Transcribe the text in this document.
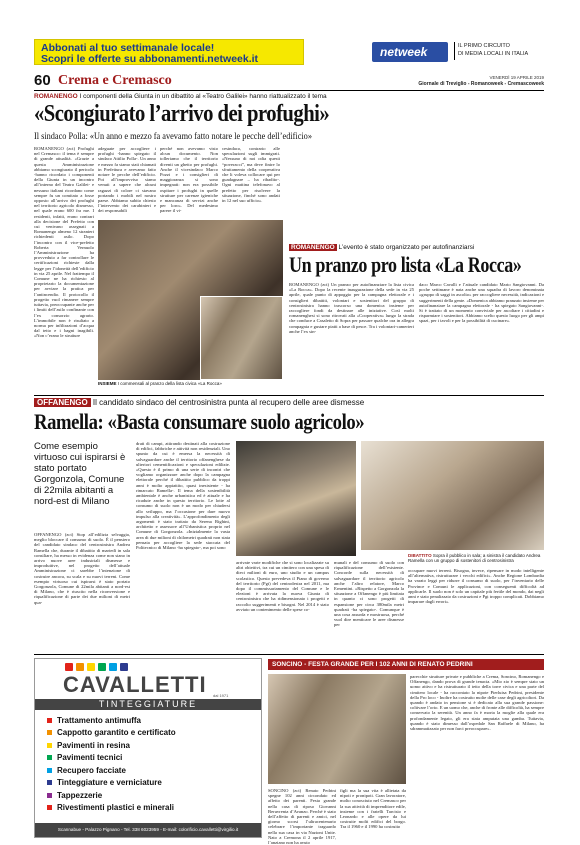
Abbonati al tuo settimanale locale!
Scopri le offerte su abbonamenti.netweek.it	netweek	IL PRIMO CIRCUITO
DI MEDIA LOCALI IN ITALIA
60 Crema e Cremasco	VENERDÌ 19 APRILE 2019
Giornale di Treviglio - Romanoweek - Cremascoweek
ROMANENGO I componenti della Giunta in un dibattito al «Teatro Galilei» hanno riattualizzato il tema
«Scongiurato l’arrivo dei profughi»
Il sindaco Polla: «Un anno e mezzo fa avevamo fatto notare le pecche dell’edificio»
ROMANENGO (zct) Profughi nel Cremasco: il tema è sempre di grande attualità. «Grazie a questa Amministrazione abbiamo scongiurato il pericolo -hanno ricordato i componenti della Giunta in un incontro all’interno del Teatro Galilei- e nessuno italiani ricordano come sempre fu un comitato a fosse opposto all’arrivo dei profughi nel territorio agricolo dismesso, nel quale erano 600 fra me. I residenti, infatti, erano contrari alla decisione del Prefetto con cui venivano assegnati a Romanengo almeno 12 stranieri richiedenti asilo. Dopo l’incontro con il vice-prefetto Roberta Vernuolo l’Amministrazione ha provveduto a far controllare le certificazioni richieste dalla legge per l’idoneità dell’edificio in via 25 aprile. Nel frattempo il Comune ne ha richiesto al proprietario la documentazione per avviare la pratica per l’antincendio. Il protocollo il progetto vuol rimanere sempre tuttavia, preoccupante anche per i limiti dell’asilo confinante con l’ex consorzio agrario. L’immobile non è risultato a norma per infiltrazioni d’acqua dal tetto e i bagni inagibili. «Non c’erano le strutture
adeguate per accogliere i profughi -hanno spiegato il sindaco Attilio Polla-. Un anno e mezzo fa siamo stati chiamati in Prefettura e avevamo fatto notare le pecche dell’edificio. Poi all’improvviso siamo venuti a sapere che alcuni ragazzi di colore ci stavano portando i mobili nel nostro paese. Abbiamo subito chiesto l’intervento dei carabinieri e dei responsabili
perché non avevamo visto alcun documento. Non tolleriamo che il territorio diventi un ghetto per profughi. Anche il vicesindaco Marco Pozzi e i consiglieri di maggioranza si sono impegnati: non era possibile ospitare i profughi in quelle strutture per carenze igieniche e mancanza di servizi anche per loro». Del medesimo parere il vi-
cesindaco, contrario alle speculazioni sugli immigrati. «Nessuno di noi odia questi “poveracci”, ma deve finire lo sfruttamento della cooperativa che li voleva collocare qui per guadagnare – ha ribadito-. Ogni mattina telefonavo al prefetto per risolvere la situazione, finché sono andati in 12 nel suo ufficio».
ROMANENGO L’evento è stato organizzato per autofinanziarsi
Un pranzo pro lista «La Rocca»
ROMANENGO (zct) Un pranzo per autofinanziare la lista civica «La Rocca». Dopo la recente inaugurazione della sede in via 25 aprile, quale punto di appoggio per la campagna elettorale e i consiglieri dibattiti, volontari e sostenitori del gruppo di centrosinistra hanno trascorso una domenica insieme per raccogliere fondi da destinare alle iniziative. Così molti romanenghesi si sono ritrovati alla «Cooperativa» lungo la strada che conduce a Casaletto di Sopra per passare qualche ora in allegra compagnia e gustare piatti a base di pesce. Tra i volontari-camerieri anche l’ex sin-
daco Marco Cavalli e l’attuale candidato Mario Sangiovanni. Da poche settimane è nata anche una squadra di lavoro denominata «gruppo di saggi in ascolto» per raccogliere necessità, indicazioni e suggerimenti della gente. «Domenica abbiamo pranzato insieme per autofinanziare la campagna elettorale - ha spiegato Sangiovanni-. Si è trattato di un momento conviviale per ascoltare i cittadini e risparmiare i sostenitori. Abbiamo scelto questo luogo per gli ampi spazi, per i tavoli e per la possibilità di cucinare».
INSIEME I commensali al pranzo della lista civica «La Rocca»
OFFANENGO Il candidato sindaco del centrosinistra punta al recupero delle aree dismesse
Ramella: «Basta consumare suolo agricolo»
Come esempio virtuoso cui ispirarsi è stato portato Gorgonzola, Comune di 22mila abitanti a nord-est di Milano
OFFANENGO (zct) Stop all’edilizia selvaggia, meglio bloccare il consumo di suolo. È il pensiero del candidato sindaco del centrosinistra Andrea Ramella che, durante il dibattito di martedì in sala consiliare, ha messo in evidenza come non siano in arrivo nuove aree industriali dismesse e improduttive, nel progetto dell’attuale Amministrazione ci sarebbe l’intenzione di costruire ancora, su scala e su nuovi terreni. Come esempio virtuoso cui ispirarsi è stato portato Gorgonzola, Comune di 22mila abitanti a nord-est di Milano, che è riuscito nella riconversione e riqualificazione di parte dei due milioni di metri qua-
drati di campi, attirando destinati alla costruzione di edifici, fabbriche e attività non residenziali. Uno spunto da cui è emersa la necessità di salvaguardare anche il territorio offanenghese da ulteriori cementificazioni e speculazioni edilizie. «Questo è il primo di una serie di incontri che vogliamo organizzare anche dopo la campagna elettorale perché il dibattito pubblico da troppi anni è molto appiattito, quasi inesistente - ha rimarcato Ramella-. Il tema della sostenibilità ambientale è anche urbanistica ed è attuale e ha ricadute anche in questo territorio. Le lotte al consumo di suolo non è un modo per chiudersi allo sviluppo, ma l’occasione per dare nuovo impulso alla creatività». L’approfondimento degli argomenti è stato trattato da Serena Righini, architetto e assessore all’Urbanistica proprio nel Comune di Gorgonzola. «Inizialmente la vasta area di due milioni di chilometri quadrati non stata pensata per accogliere la sede staccata del Politecnico di Milano -ha spiegato-, ma poi sono
DIBATTITO Sopra il pubblico in sala; a sinistra il candidato Andrea Ramella con un gruppo di sostenitori di centrosinistra
arrivate varie modifiche che si sono localizzate su altri obiettivi, tra cui un cimitero con una spesa di dieci milioni di euro, uno studio e un campus scolastico. Questo prevedeva il Piano di governo del territorio (Pgt) del centrodestra nel 2011, ma dopo il commissariamento del Comune e le elezioni è arrivata la nuova Giunta di centrosinistra che ha ridimensionato i progetti e raccolto suggerimenti e bisogni. Nel 2014 è stato avviato un contenimento delle spese co-
munali e del consumo di suolo con riqualificazione dell’esistente. Concorde sulla necessità di salvaguardare il territorio agricolo anche l’altro relatore, Marco Ermentini. «Rispetto a Gorgonzola la situazione a Offanengo è più limitata in quanto ci sono progetti di espansione per circa 380mila metri quadrati -ha spiegato-. Comunque è una cosa assurda e mostruosa, perché vuol dire menticare le aree dismesse per
occupare nuovi terreni. Bisogna, invece, ripensare in modo intelligente all’alternativa, ristrutturare i vecchi edifici». Anche Regione Lombardia ha varato leggi per ridurre il consumo di suolo, per l’inventario delle Province e Comuni le applicazioni, con conseguenti difficoltà ad applicarle. Il suolo non è solo un capitale più fertile del mondo, dai negli anni e stato penalizzato da costruzioni e Pgt troppo complicati. Dobbiamo imparare dagli errori».
CAVALLETTI dal 1971
TINTEGGIATURE
Trattamento antimuffa
Cappotto garantito e certificato
Pavimenti in resina
Pavimenti tecnici
Recupero facciate
Tinteggiature e verniciature
Tappezzerie
Rivestimenti plastici e minerali
Scannabue - Palazzo Pignano - Tel. 338 6023959 - E-mail: colorificio.cavalletti@virgilio.it
SONCINO - FESTA GRANDE PER I 102 ANNI DI RENATO PEDRINI
SONCINO (zct) Renato Pedrini spegne 102 anni circondato ed affetto dei parenti. Festa grande nella casa di riposo Giovanni Beruvrenta d’Avanzo. Perché è stato dell’affetto di parenti e amici, nel giorno scorsi l’ultracentenario celebrare l’importante traguardo nella sua casa in via Nazioni Unite. Nato a Cremona il 2 aprile 1917, l’anziano non ha avuto
figli ma la sua vita è allietata da nipoti e pronipoti. Gran lavoratore, molto conosciuto nel Cremasco per la sua attività di imprenditore edile, insieme con i fratelli Tarcisio e Leonardo e alle opere da lui costruite molti edifici del borgo. Tra il 1960 e il 1990 ha costruito
parecchie strutture private e pubbliche a Crema, Soncino, Romanengo e Offanengo, dando prova di grande tenacia. «Mio zio è sempre stato un uomo attivo e ha ristrutturato il tetto della torre civica e una parte del cimitero locale - ha raccontato la nipote Pierluisa Pedrini, presidente della Pro loco - Inoltre ha costruito molte delle case degli agricoltori. Da quando è andato in pensione si è dedicato alla sua grande passione: coltivare l’orto. E un uomo che, anche di fronte alle difficoltà, ha sempre conservato la serenità. Un anno fa è morta la moglie alla quale era profondamente legato, gli era stata amputata una gamba. Tuttavia, quando è stato dimesso dall’ospedale San Raffaele di Milano, ha sdrammatizzato per non farci preoccupare».
